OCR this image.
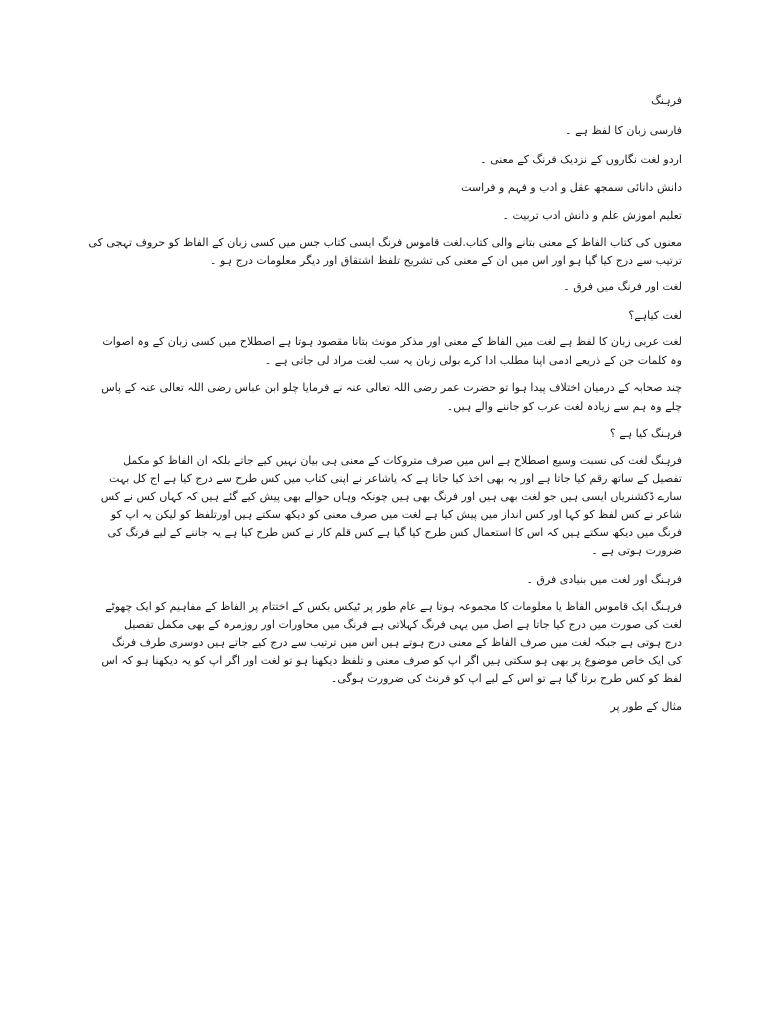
فرہنگ
فارسی زبان کا لفظ ہے ۔
اردو لغت نگاروں کے نزدیک فرنگ کے معنی ۔
دانش دانائی سمجھ عقل و ادب و فہم و فراست
تعلیم اموزش علم و دانش ادب تربیت ۔
معنوں کی کتاب الفاظ کے معنی بتانے والی کتاب.لغت قاموس فرنگ ایسی کتاب جس میں کسی زبان کے الفاظ کو حروف تہجی کی
ترتیب سے درج کیا گیا ہو اور اس میں ان کے معنی کی تشریح تلفظ اشتقاق اور دیگر معلومات درج ہو ۔
لغت اور فرنگ میں فرق ۔
لغت کیاہے؟
لغت عربی زبان کا لفظ ہے لغت میں الفاظ کے معنی اور مذکر مونث بتانا مقصود ہوتا ہے اصطلاح میں کسی زبان کے وہ اصوات
وہ کلمات جن کے ذریعے ادمی اپنا مطلب ادا کرے بولی زبان یہ سب لغت مراد لی جاتی ہے ۔
چند صحابہ کے درمیان اختلاف پیدا ہوا تو حضرت عمر رضی اللہ تعالی عنہ نے فرمایا چلو ابن عباس رضی اللہ تعالی عنہ کے پاس
چلے وہ ہم سے زیادہ لغت عرب کو جاننے والے ہیں۔
فرہنگ کیا ہے ؟
فرہنگ لغت کی نسبت وسیع اصطلاح ہے اس میں صرف متروکات کے معنی ہی بیان نہیں کیے جاتے بلکہ ان الفاظ کو مکمل
تفصیل کے ساتھ رقم کیا جاتا ہے اور یہ بھی اخذ کیا جاتا ہے کہ یاشاعر نے اپنی کتاب میں کس طرح سے درج کیا ہے اج کل بہت
سارے ڈکشنریاں ایسی ہیں جو لغت بھی ہیں اور فرنگ بھی ہیں چونکہ وہاں حوالے بھی پیش کیے گئے ہیں کہ کہاں کس نے کس
شاعر نے کس لفظ کو کہا اور کس انداز میں پیش کیا ہے لغت میں صرف معنی کو دیکھ سکتے ہیں اورتلفظ کو لیکن یہ اپ کو
فرنگ میں دیکھ سکتے ہیں کہ اس کا استعمال کس طرح کیا گیا ہے کس قلم کار نے کس طرح کیا ہے یہ جاننے کے لیے فرنگ کی
ضرورت ہوتی ہے ۔
فرہنگ اور لغت میں بنیادی فرق ۔
فرہنگ ایک قاموس الفاظ یا معلومات کا مجموعہ ہوتا ہے عام طور پر ٹیکس بکس کے اختتام پر الفاظ کے مفاہیم کو ایک چھوٹے
لغت کی صورت میں درج کیا جاتا ہے اصل میں یہی فرنگ کہلاتی ہے فرنگ میں محاورات اور روزمرہ کے بھی مکمل تفصیل
درج ہوتی ہے جبکہ لغت میں صرف الفاظ کے معنی درج ہوتے ہیں اس میں ترتیب سے درج کیے جاتے ہیں دوسری طرف فرنگ
کی ایک خاص موضوع پر بھی ہو سکتی ہیں اگر اپ کو صرف معنی و تلفظ دیکھنا ہو تو لغت اور اگر اپ کو یہ دیکھنا ہو کہ اس
لفظ کو کس طرح برتا گیا ہے تو اس کے لیے اپ کو فرنٹ کی ضرورت ہوگی۔
مثال کے طور پر
